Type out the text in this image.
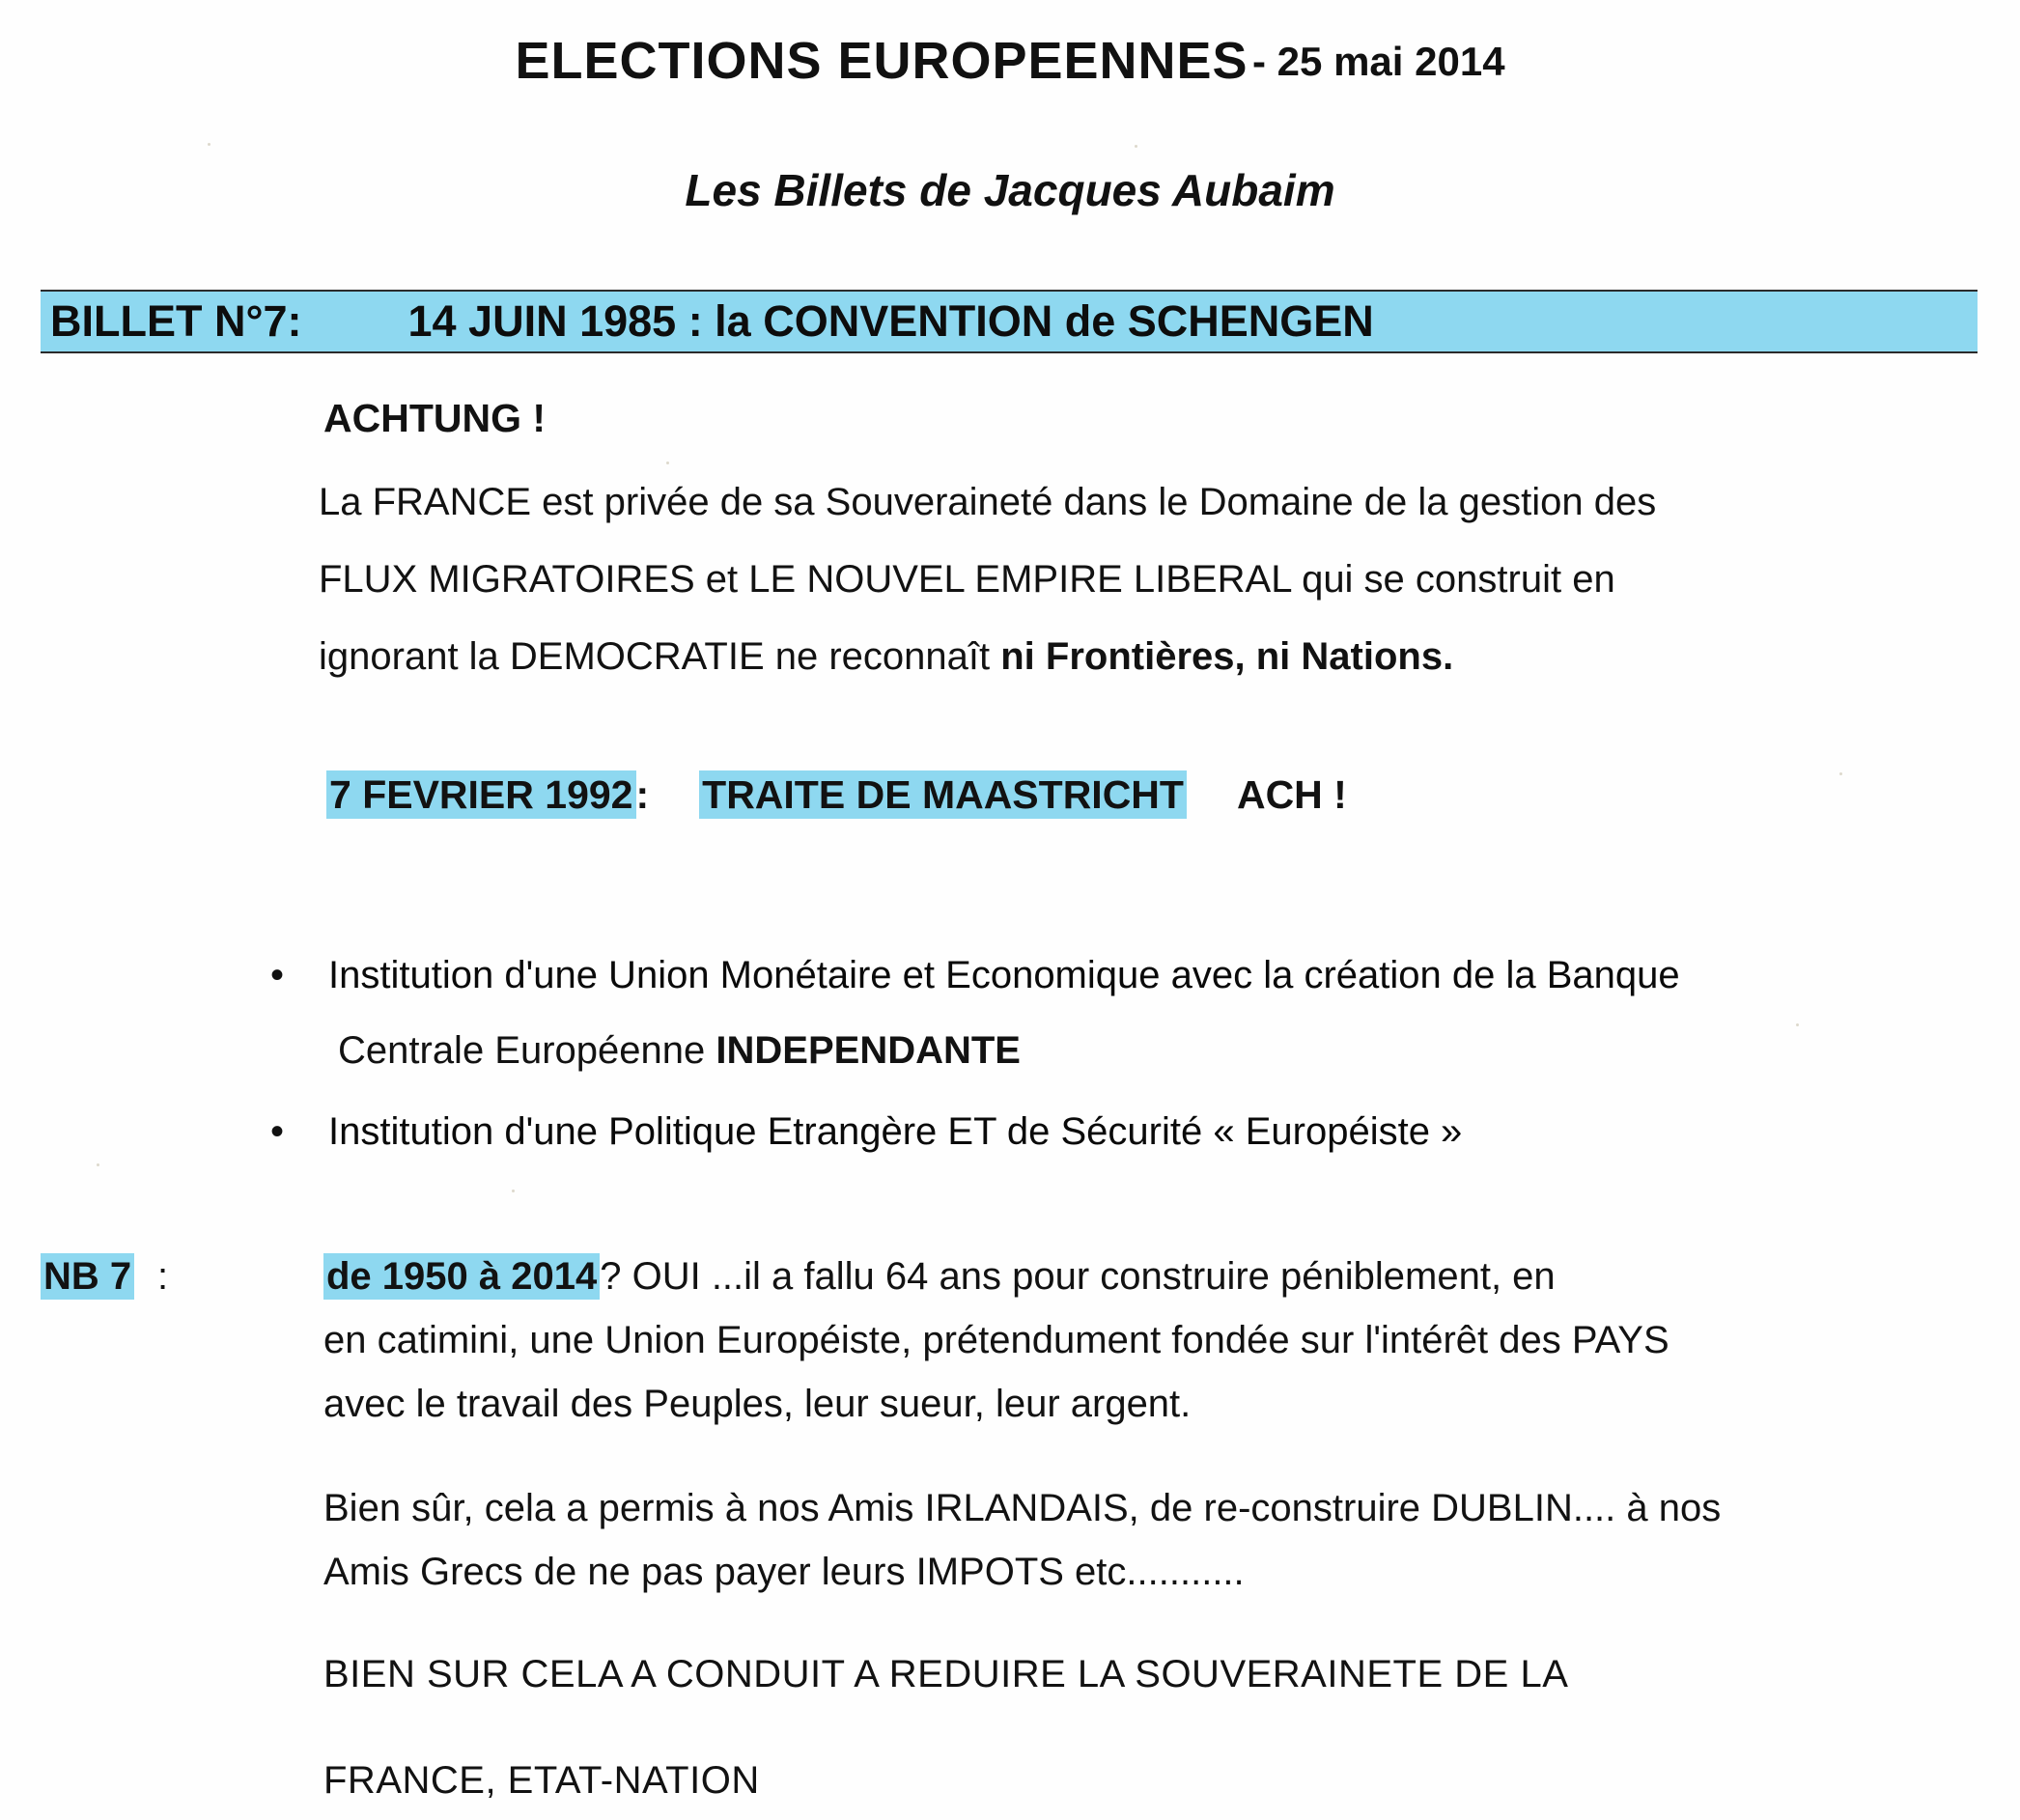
ELECTIONS EUROPEENNES - 25 mai 2014
Les Billets de Jacques Aubaim
BILLET N°7:	14 JUIN 1985 : la CONVENTION de SCHENGEN
ACHTUNG !
La FRANCE est privée de sa Souveraineté dans le Domaine de la gestion des
FLUX MIGRATOIRES et LE NOUVEL EMPIRE LIBERAL qui se construit en
ignorant la DEMOCRATIE ne reconnaît ni Frontières, ni Nations.
7 FEVRIER 1992: TRAITE DE MAASTRICHT ACH !
• Institution d'une Union Monétaire et Economique avec la création de la Banque
Centrale Européenne INDEPENDANTE
• Institution d'une Politique Etrangère ET de Sécurité « Européiste »
NB 7 :	de 1950 à 2014? OUI ...il a fallu 64 ans pour construire péniblement, en
en catimini, une Union Européiste, prétendument fondée sur l'intérêt des PAYS
avec le travail des Peuples, leur sueur, leur argent.
Bien sûr, cela a permis à nos Amis IRLANDAIS, de re-construire DUBLIN.... à nos
Amis Grecs de ne pas payer leurs IMPOTS etc...........
BIEN SUR CELA A CONDUIT A REDUIRE LA SOUVERAINETE DE LA
FRANCE, ETAT-NATION
